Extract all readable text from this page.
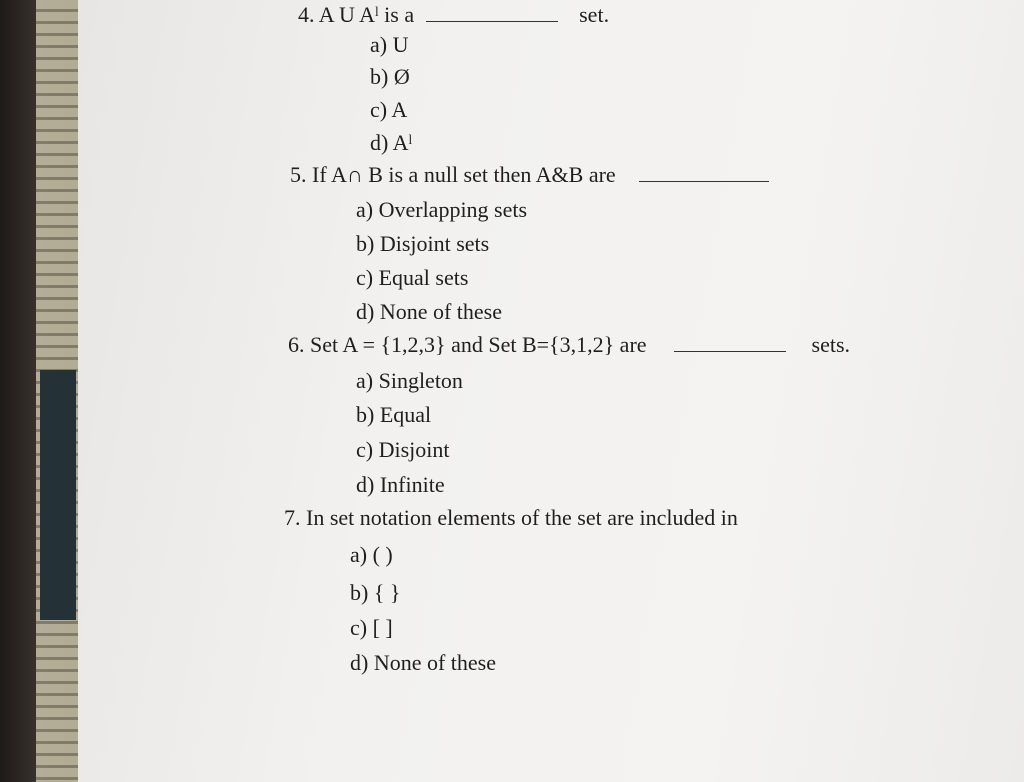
4. A U Aˡ is a	set.
a) U
b) Ø
c) A
d) Aˡ
5. If A∩ B is a null set then A&B are
a) Overlapping sets
b) Disjoint sets
c) Equal sets
d) None of these
6. Set A = {1,2,3} and Set B={3,1,2} are	sets.
a) Singleton
b) Equal
c) Disjoint
d) Infinite
7. In set notation elements of the set are included in
a) ( )
b) { }
c) [ ]
d) None of these
